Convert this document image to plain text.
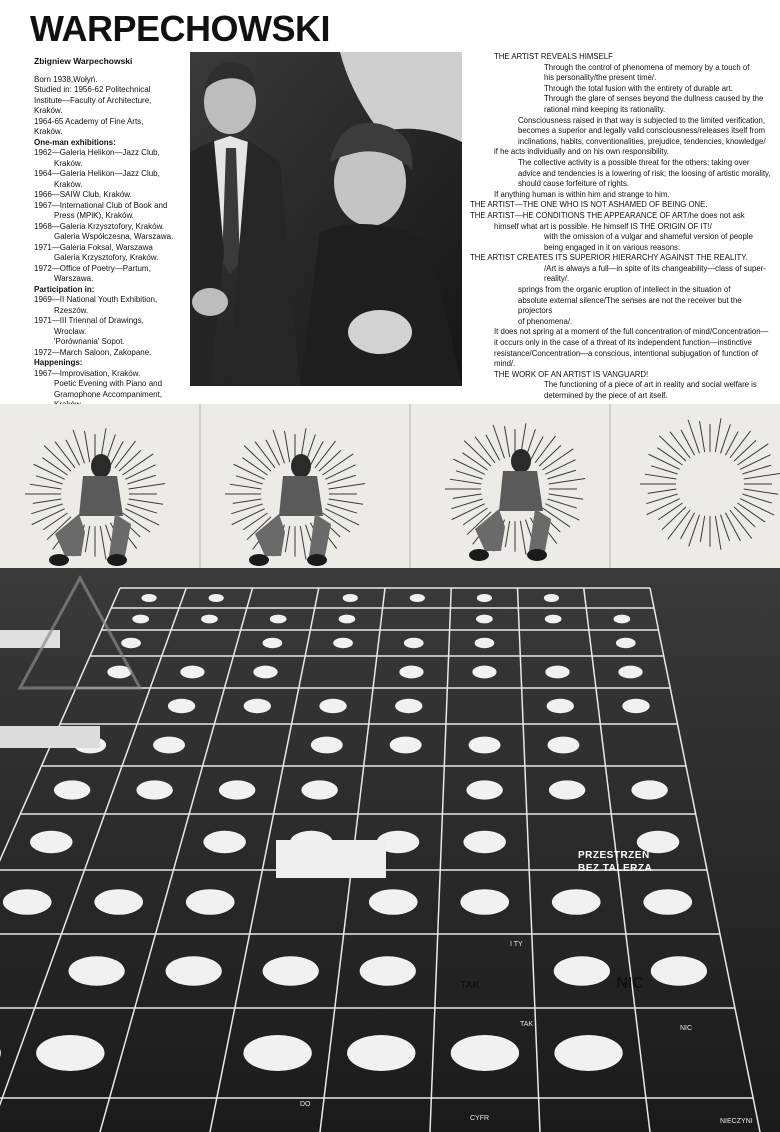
WARPECHOWSKI
Zbigniew Warpechowski
Born 1938,Wołyń.
Studied in: 1956-62 Politechnical
Institute—Faculty of Architecture,
Kraków.
1964-65 Academy of Fine Arts,
Kraków.
One-man exhibitions:
1962—Galeria Helikon—Jazz Club,
Kraków.
1964—Galeria Helikon—Jazz Club,
Kraków.
1966—SAIW Club, Kraków.
1967—International Club of Book and
Press (MPiK), Kraków.
1968—Galeria Krzysztofory, Kraków.
Galeria Współczesna, Warszawa.
1971—Galeria Foksal, Warszawa
Galeria Krzysztofory, Kraków.
1972—Office of Poetry—Partum,
Warszawa.
Participation in:
1969—II National Youth Exhibition,
Rzeszów.
1971—III Triennal of Drawings,
Wrocław.
'Porównania' Sopot.
1972—March Saloon, Zakopane.
Happenings:
1967—Improvisation, Kraków.
Poetic Evening with Piano and
Gramophone Accompaniment,

THE ARTIST REVEALS HIMSELF

Through the control of phenomena of memory by a touch of

his personality/the present time/.

Through the total fusion with the entirety of durable art.

Through the glare of senses beyond the dullness caused by the

rational mind keeping its rationality.

Consciousness raised in that way is subjected to the limited verification,

becomes a superior and legally valid consciousness/releases itself from

inclinations, habits, conventionalities, prejudice, tendencies, knowledge/

if he acts individually and on his own responsibility.

The collective activity is a possible threat for the others; taking over

advice and tendencies is a lowering of risk; the loosing of artistic morality,

should cause forfeiture of rights.

If anything human is within him and strange to him.

THE ARTIST—THE ONE WHO IS NOT ASHAMED OF BEING ONE.

THE ARTIST—HE CONDITIONS THE APPEARANCE OF ART/he does not ask

himself what art is possible. He himself IS THE ORIGIN OF IT!/

with the omission of a vulgar and shameful version of people

being engaged in it on various reasons.

THE ARTIST CREATES ITS SUPERIOR HIERARCHY AGAINST THE REALITY.

/Art is always a full—in spite of its changeability—class of super-

reality/.

springs from the organic eruption of intellect in the situation of

absolute external silence/The senses are not the receiver but the projectors

of phenomena/.

It does not spring at a moment of the full concentration of mind/Concentration—

it occurs only in the case of a threat of its independent function—instinctive

resistance/Concentration—a conscious, intentional subjugation of function of

mind/.

THE WORK OF AN ARTIST IS VANGUARD!

The functioning of a piece of art in reality and social welfare is

determined by the piece of art itself.

NIC
TAK
NIC
TAK
DO
CYFR
I TY
NIECZYNI
PRZESTRZEŃ
BEZ TALERZA
